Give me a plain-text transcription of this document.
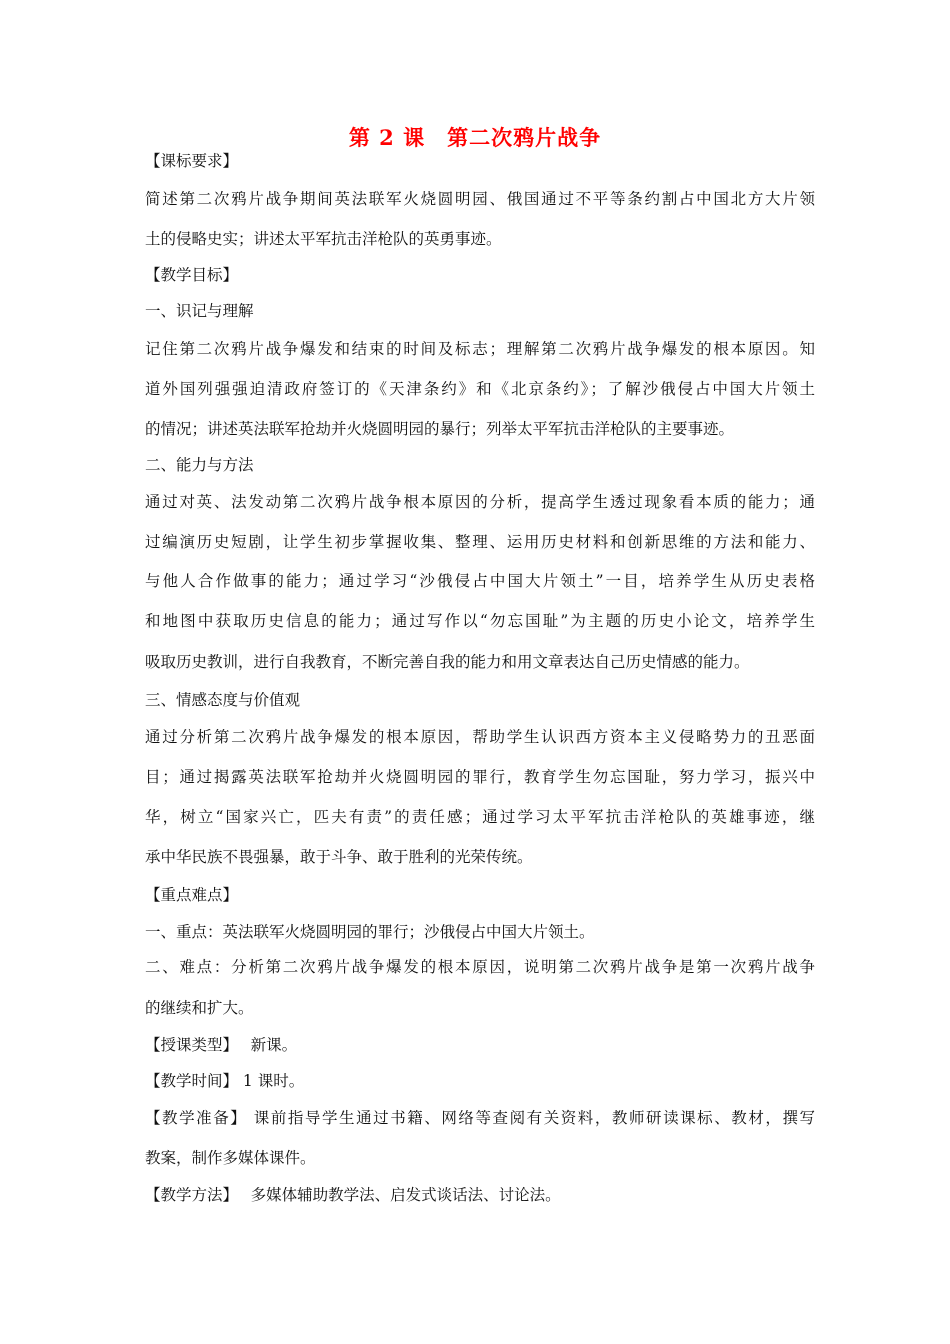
第 2 课　第二次鸦片战争
【课标要求】
简述第二次鸦片战争期间英法联军火烧圆明园、俄国通过不平等条约割占中国北方大片领
土的侵略史实；讲述太平军抗击洋枪队的英勇事迹。
【教学目标】
一、识记与理解
记住第二次鸦片战争爆发和结束的时间及标志；理解第二次鸦片战争爆发的根本原因。知
道外国列强强迫清政府签订的《天津条约》和《北京条约》；了解沙俄侵占中国大片领土
的情况；讲述英法联军抢劫并火烧圆明园的暴行；列举太平军抗击洋枪队的主要事迹。
二、能力与方法
通过对英、法发动第二次鸦片战争根本原因的分析，提高学生透过现象看本质的能力；通
过编演历史短剧，让学生初步掌握收集、整理、运用历史材料和创新思维的方法和能力、
与他人合作做事的能力；通过学习“沙俄侵占中国大片领土”一目，培养学生从历史表格
和地图中获取历史信息的能力；通过写作以“勿忘国耻”为主题的历史小论文，培养学生
吸取历史教训，进行自我教育，不断完善自我的能力和用文章表达自己历史情感的能力。
三、情感态度与价值观
通过分析第二次鸦片战争爆发的根本原因，帮助学生认识西方资本主义侵略势力的丑恶面
目；通过揭露英法联军抢劫并火烧圆明园的罪行，教育学生勿忘国耻，努力学习，振兴中
华，树立“国家兴亡，匹夫有责”的责任感；通过学习太平军抗击洋枪队的英雄事迹，继
承中华民族不畏强暴，敢于斗争、敢于胜利的光荣传统。
【重点难点】
一、重点：英法联军火烧圆明园的罪行；沙俄侵占中国大片领土。
二、难点：分析第二次鸦片战争爆发的根本原因，说明第二次鸦片战争是第一次鸦片战争
的继续和扩大。
【授课类型】　 新课。
【教学时间】 1 课时。
【教学准备】 课前指导学生通过书籍、网络等查阅有关资料，教师研读课标、教材，撰写
教案，制作多媒体课件。
【教学方法】　 多媒体辅助教学法、启发式谈话法、讨论法。
